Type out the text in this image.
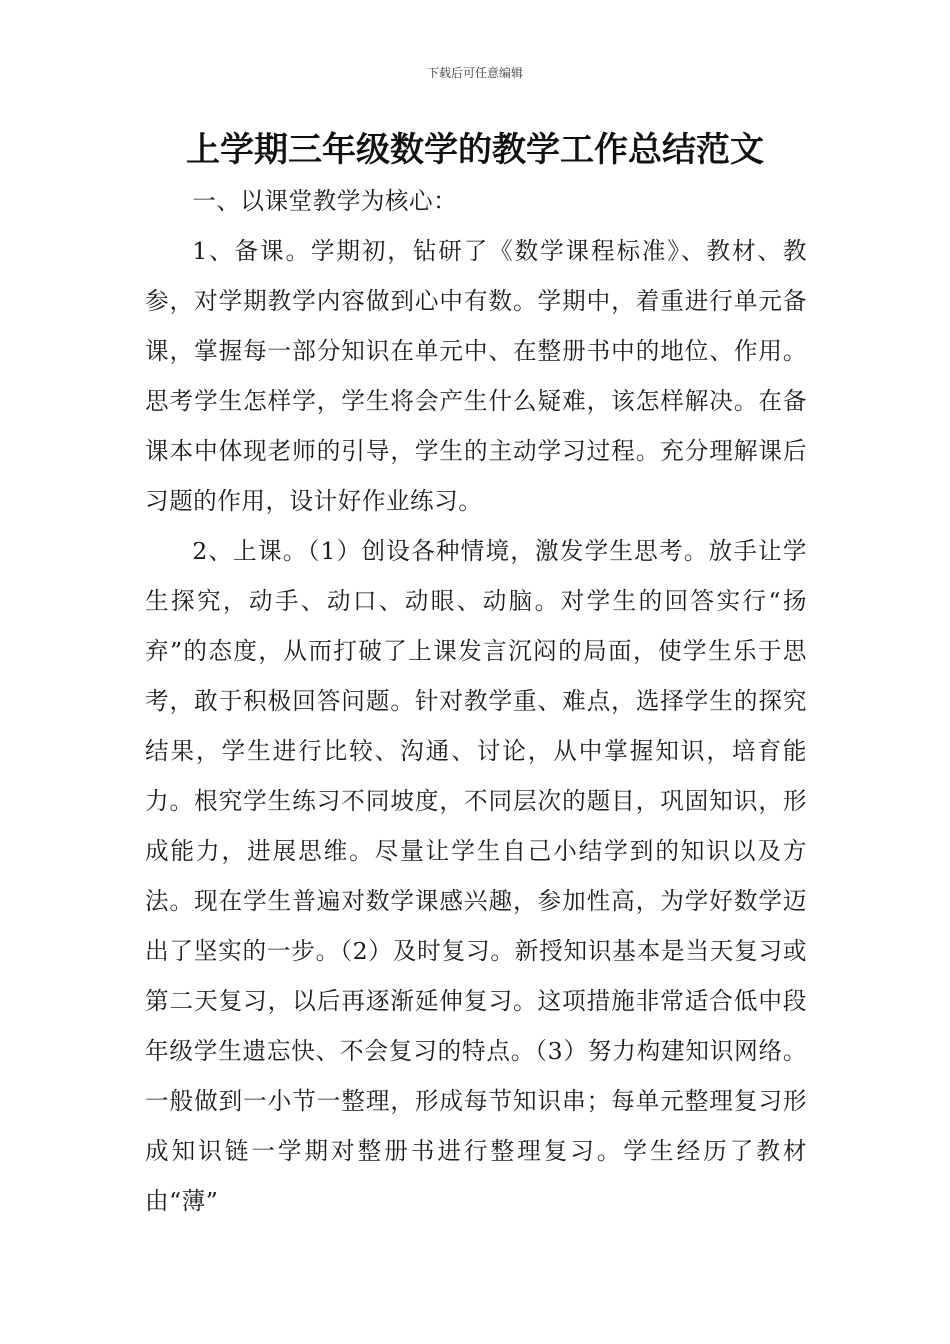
下载后可任意编辑
上学期三年级数学的教学工作总结范文

一、以课堂教学为核心：

1、备课。学期初，钻研了《数学课程标准》、教材、教参，对学期教学内容做到心中有数。学期中，着重进行单元备课，掌握每一部分知识在单元中、在整册书中的地位、作用。思考学生怎样学，学生将会产生什么疑难，该怎样解决。在备课本中体现老师的引导，学生的主动学习过程。充分理解课后习题的作用，设计好作业练习。

2、上课。（1）创设各种情境，激发学生思考。放手让学生探究，动手、动口、动眼、动脑。对学生的回答实行“扬弃”的态度，从而打破了上课发言沉闷的局面，使学生乐于思考，敢于积极回答问题。针对教学重、难点，选择学生的探究结果，学生进行比较、沟通、讨论，从中掌握知识，培育能力。根究学生练习不同坡度，不同层次的题目，巩固知识，形成能力，进展思维。尽量让学生自己小结学到的知识以及方法。现在学生普遍对数学课感兴趣，参加性高，为学好数学迈出了坚实的一步。（2）及时复习。新授知识基本是当天复习或第二天复习，以后再逐渐延伸复习。这项措施非常适合低中段年级学生遗忘快、不会复习的特点。（3）努力构建知识网络。一般做到一小节一整理，形成每节知识串；每单元整理复习形成知识链一学期对整册书进行整理复习。学生经历了教材由“薄”
